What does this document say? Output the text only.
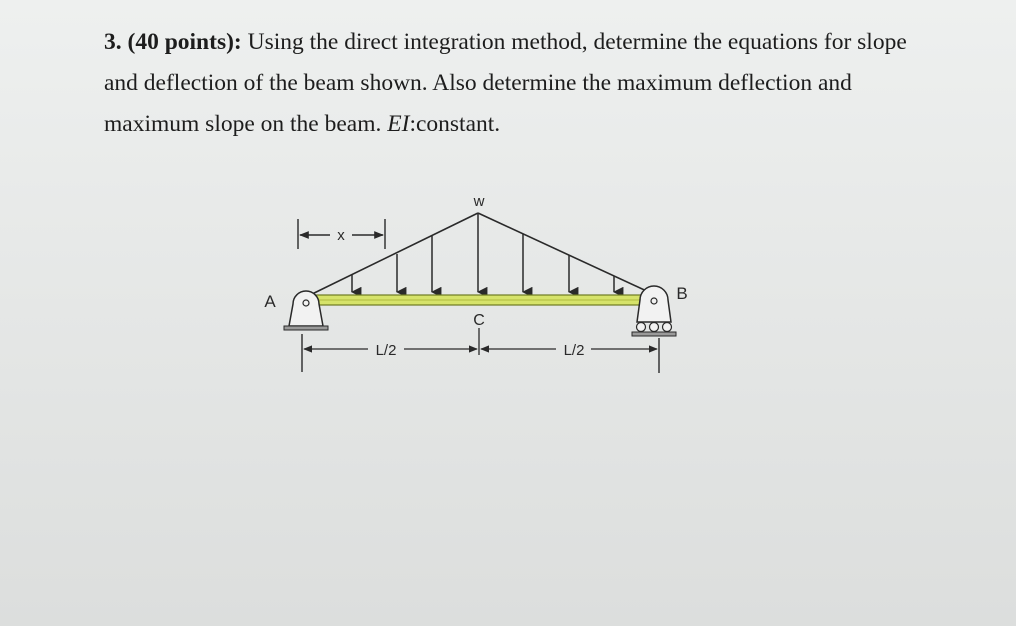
3. (40 points): Using the direct integration method, determine the equations for slope and deflection of the beam shown. Also determine the maximum deflection and maximum slope on the beam. EI:constant.
w
x
A	B
C
L/2	L/2
